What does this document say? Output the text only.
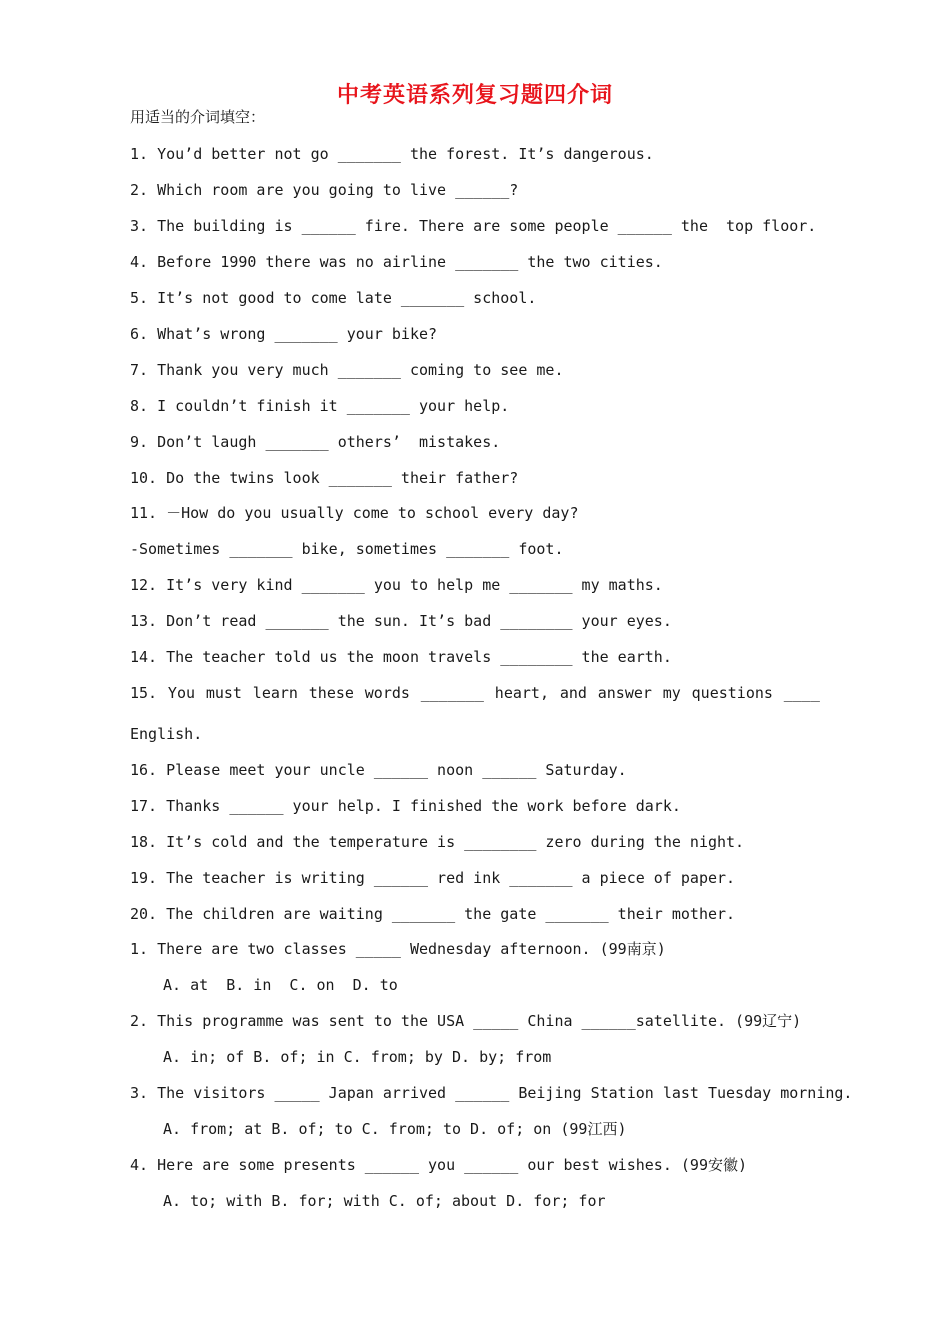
中考英语系列复习题四介词
用适当的介词填空：
1. You’d better not go _______ the forest. It’s dangerous.
2. Which room are you going to live ______?
3. The building is ______ fire. There are some people ______ the  top floor.
4. Before 1990 there was no airline _______ the two cities.
5. It’s not good to come late _______ school.
6. What’s wrong _______ your bike?
7. Thank you very much _______ coming to see me.
8. I couldn’t finish it _______ your help.
9. Don’t laugh _______ others’  mistakes.
10. Do the twins look _______ their father?
11. －How do you usually come to school every day?
-Sometimes _______ bike, sometimes _______ foot.
12. It’s very kind _______ you to help me _______ my maths.
13. Don’t read _______ the sun. It’s bad ________ your eyes.
14. The teacher told us the moon travels ________ the earth.
15. You must learn these words _______ heart, and answer my questions ____
English.
16. Please meet your uncle ______ noon ______ Saturday.
17. Thanks ______ your help. I finished the work before dark.
18. It’s cold and the temperature is ________ zero during the night.
19. The teacher is writing ______ red ink _______ a piece of paper.
20. The children are waiting _______ the gate _______ their mother.
1. There are two classes _____ Wednesday afternoon. (99南京)
A. at  B. in  C. on  D. to
2. This programme was sent to the USA _____ China ______satellite. (99辽宁)
A. in; of B. of; in C. from; by D. by; from
3. The visitors _____ Japan arrived ______ Beijing Station last Tuesday morning.
A. from; at B. of; to C. from; to D. of; on (99江西)
4. Here are some presents ______ you ______ our best wishes. (99安徽)
A. to; with B. for; with C. of; about D. for; for
